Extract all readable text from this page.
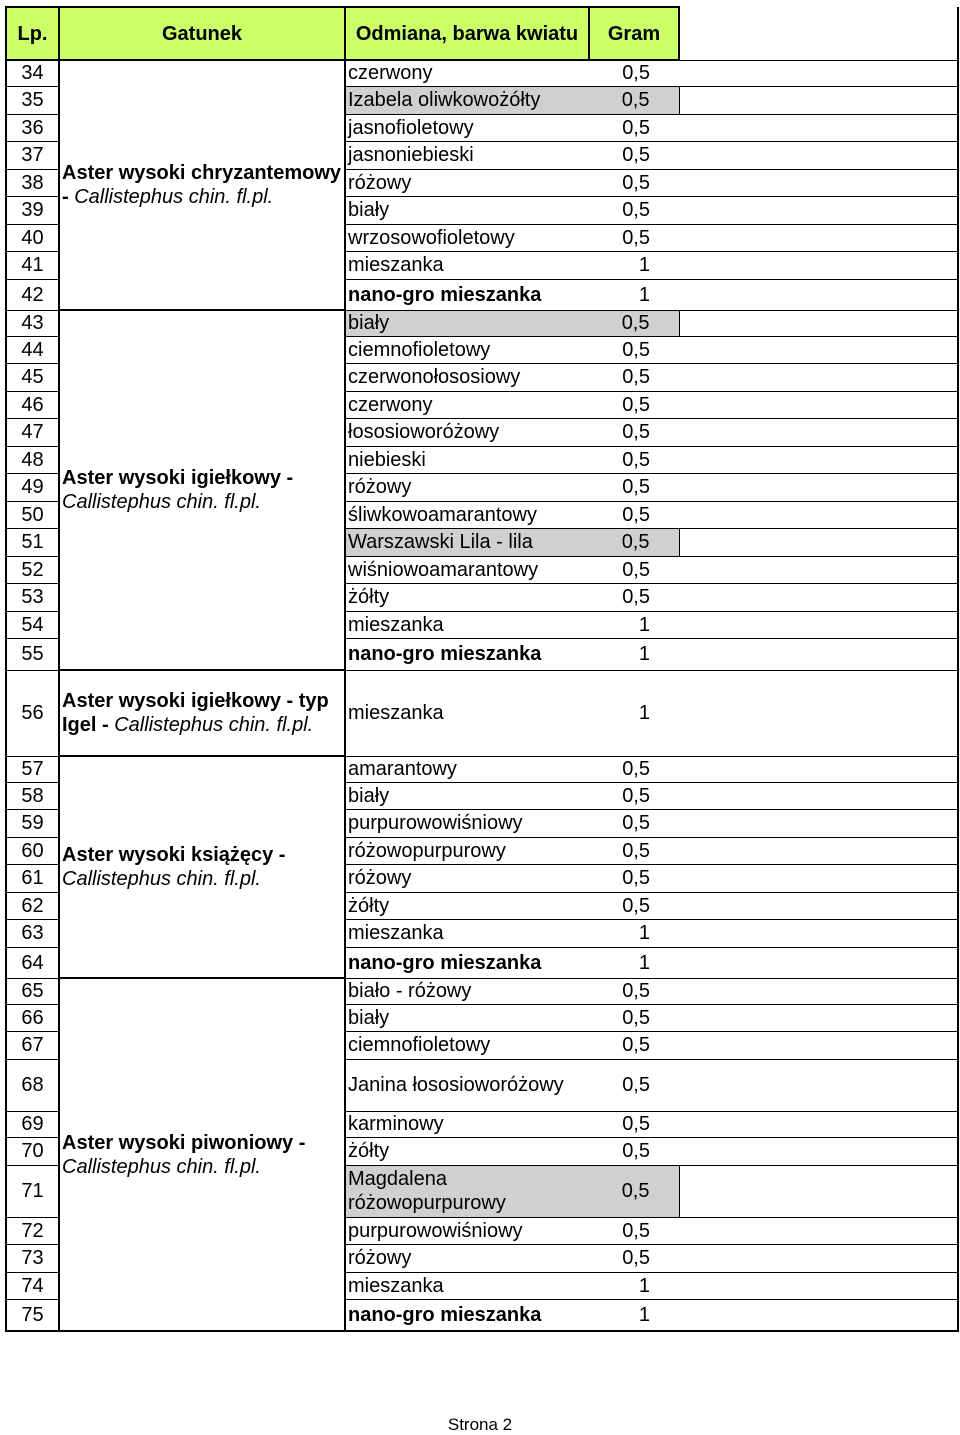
Lp.	Gatunek	Odmiana, barwa kwiatu	Gram	
34	Aster wysoki chryzantemowy - Callistephus chin. fl.pl.	czerwony	0,5	
35		Izabela oliwkowożółty	0,5	
36		jasnofioletowy	0,5	
37		jasnoniebieski	0,5	
38		różowy	0,5	
39		biały	0,5	
40		wrzosowofioletowy	0,5	
41		mieszanka	1	
42		nano-gro mieszanka	1	
43	Aster wysoki igiełkowy - Callistephus chin. fl.pl.	biały	0,5	
44		ciemnofioletowy	0,5	
45		czerwonołososiowy	0,5	
46		czerwony	0,5	
47		łososioworóżowy	0,5	
48		niebieski	0,5	
49		różowy	0,5	
50		śliwkowoamarantowy	0,5	
51		Warszawski Lila - lila	0,5	
52		wiśniowoamarantowy	0,5	
53		żółty	0,5	
54		mieszanka	1	
55		nano-gro mieszanka	1	
56	Aster wysoki igiełkowy - typ Igel - Callistephus chin. fl.pl.	mieszanka	1	
57	Aster wysoki książęcy - Callistephus chin. fl.pl.	amarantowy	0,5	
58		biały	0,5	
59		purpurowowiśniowy	0,5	
60		różowopurpurowy	0,5	
61		różowy	0,5	
62		żółty	0,5	
63		mieszanka	1	
64		nano-gro mieszanka	1	
65	Aster wysoki piwoniowy - Callistephus chin. fl.pl.	biało - różowy	0,5	
66		biały	0,5	
67		ciemnofioletowy	0,5	
68		Janina łososioworóżowy	0,5	
69		karminowy	0,5	
70		żółty	0,5	
71		Magdalena różowopurpurowy	0,5	
72		purpurowowiśniowy	0,5	
73		różowy	0,5	
74		mieszanka	1	
75		nano-gro mieszanka	1	
Strona 2
